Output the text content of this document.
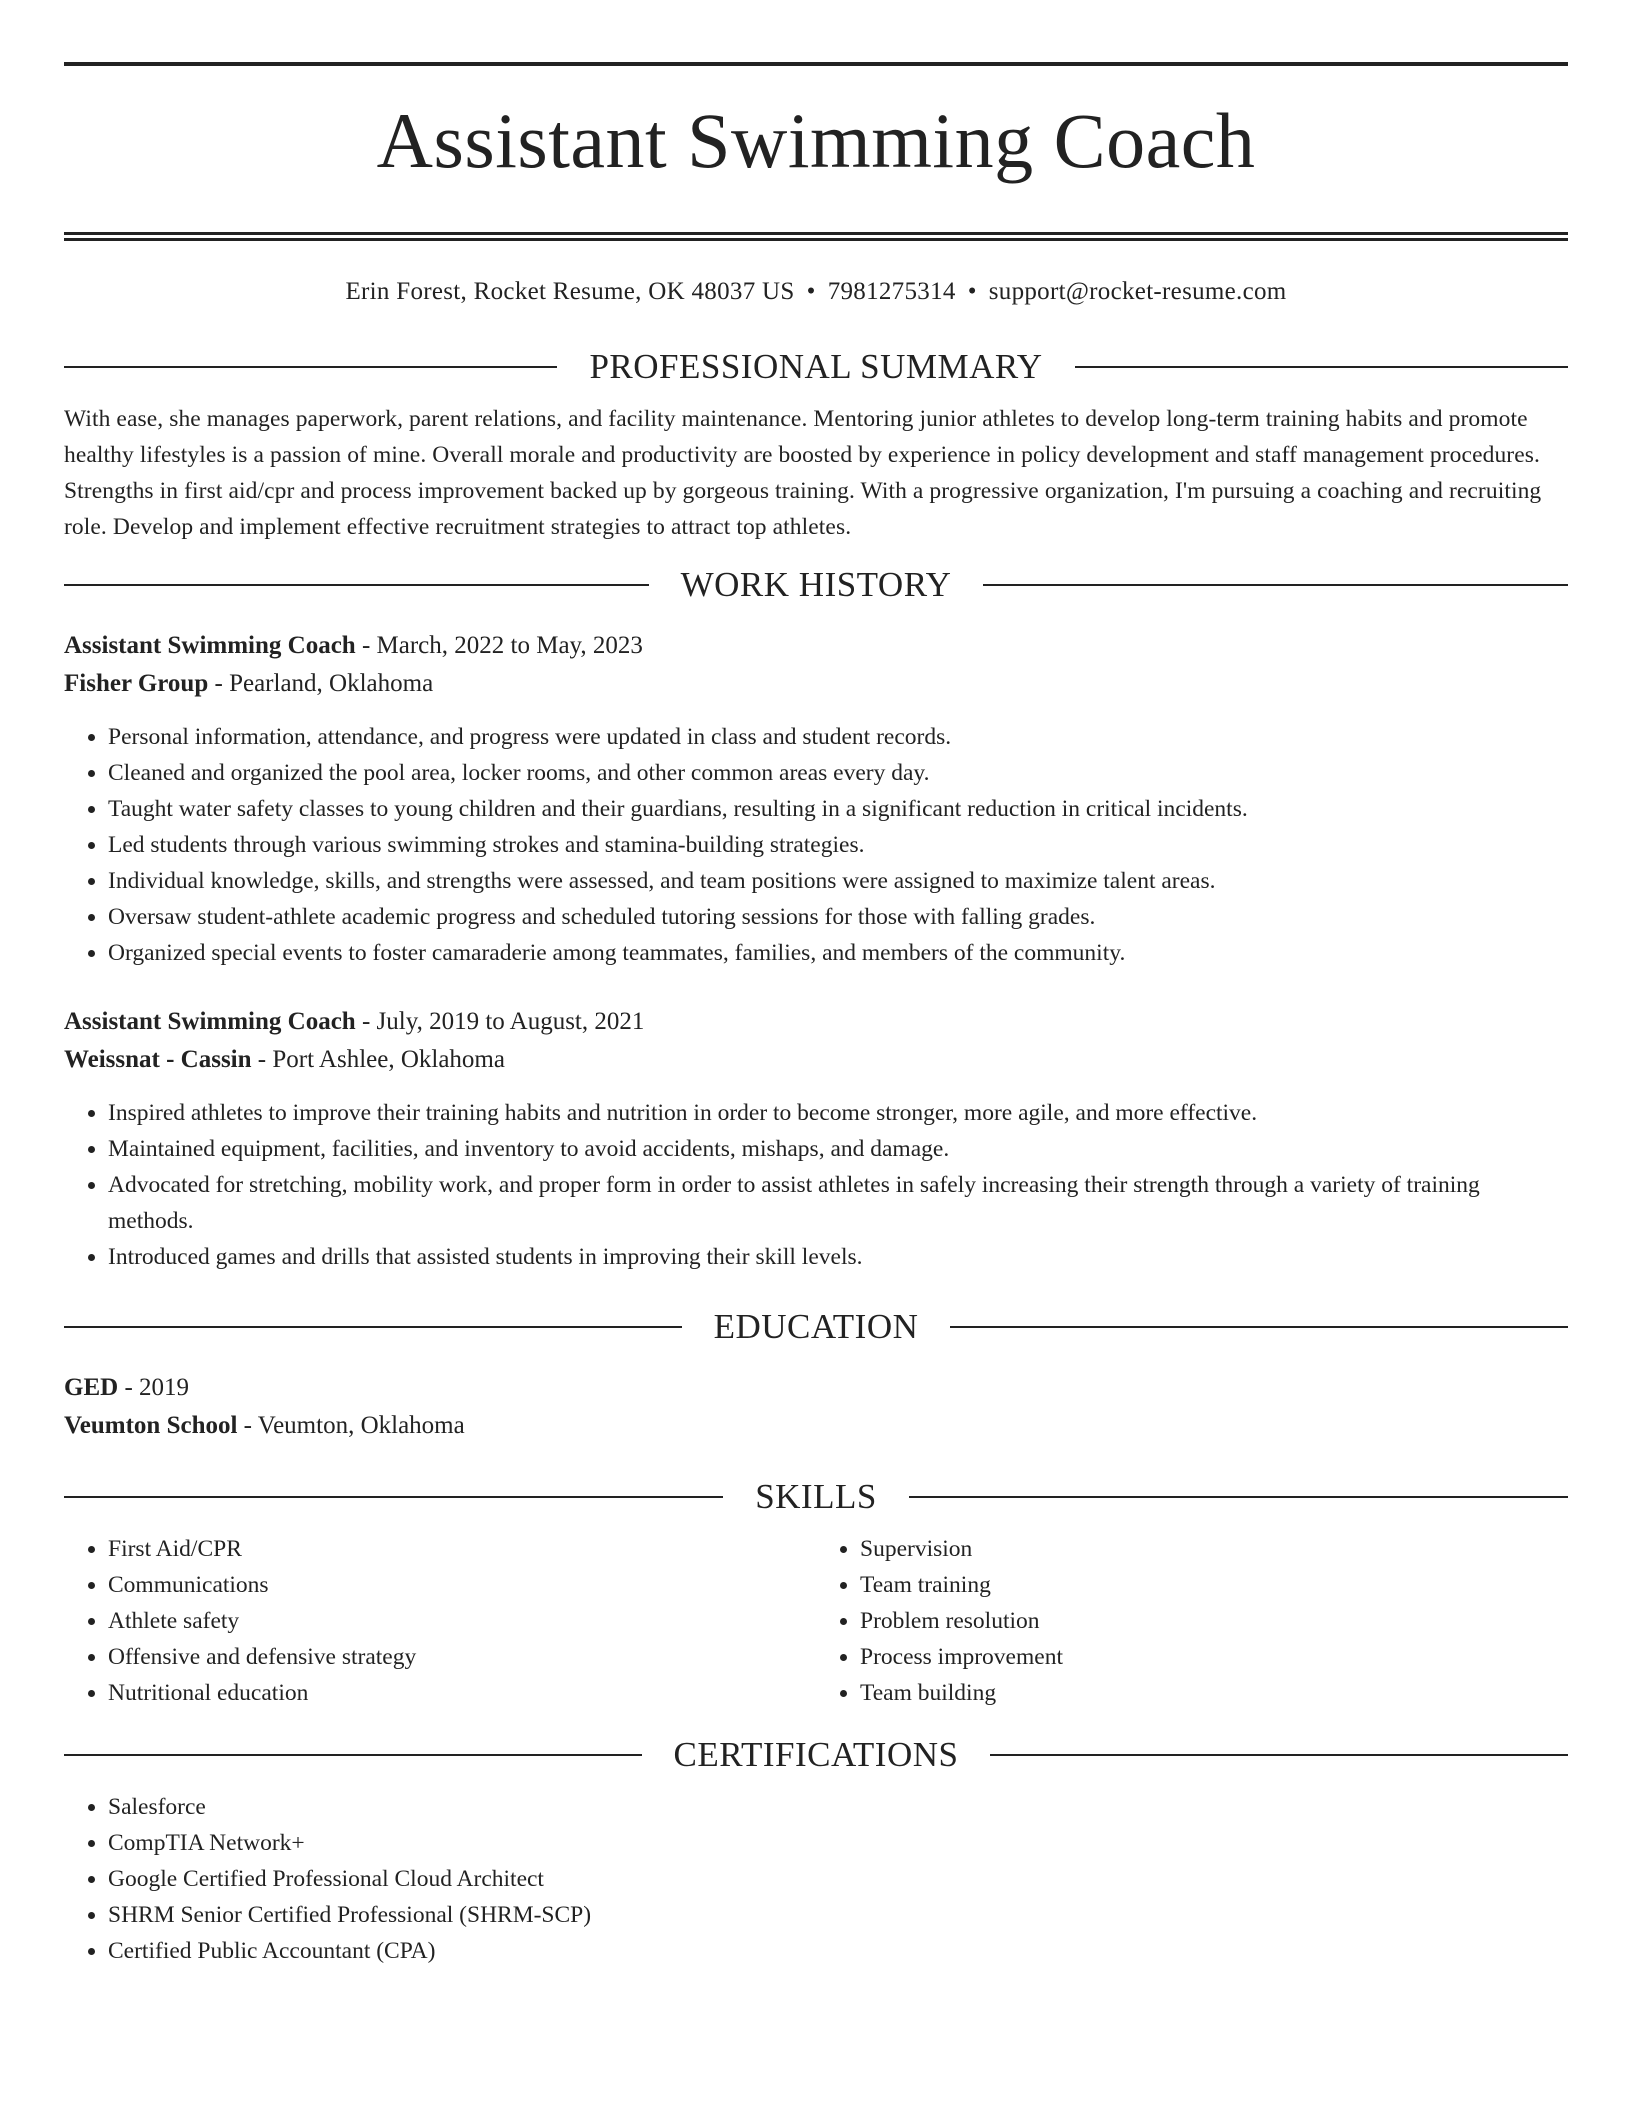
Assistant Swimming Coach
Erin Forest, Rocket Resume, OK 48037 US • 7981275314 • support@rocket-resume.com
PROFESSIONAL SUMMARY
With ease, she manages paperwork, parent relations, and facility maintenance. Mentoring junior athletes to develop long-term training habits and promote healthy lifestyles is a passion of mine. Overall morale and productivity are boosted by experience in policy development and staff management procedures. Strengths in first aid/cpr and process improvement backed up by gorgeous training. With a progressive organization, I'm pursuing a coaching and recruiting role. Develop and implement effective recruitment strategies to attract top athletes.
WORK HISTORY
Assistant Swimming Coach - March, 2022 to May, 2023
Fisher Group - Pearland, Oklahoma
• Personal information, attendance, and progress were updated in class and student records.
• Cleaned and organized the pool area, locker rooms, and other common areas every day.
• Taught water safety classes to young children and their guardians, resulting in a significant reduction in critical incidents.
• Led students through various swimming strokes and stamina-building strategies.
• Individual knowledge, skills, and strengths were assessed, and team positions were assigned to maximize talent areas.
• Oversaw student-athlete academic progress and scheduled tutoring sessions for those with falling grades.
• Organized special events to foster camaraderie among teammates, families, and members of the community.
Assistant Swimming Coach - July, 2019 to August, 2021
Weissnat - Cassin - Port Ashlee, Oklahoma
• Inspired athletes to improve their training habits and nutrition in order to become stronger, more agile, and more effective.
• Maintained equipment, facilities, and inventory to avoid accidents, mishaps, and damage.
• Advocated for stretching, mobility work, and proper form in order to assist athletes in safely increasing their strength through a variety of training methods.
• Introduced games and drills that assisted students in improving their skill levels.
EDUCATION
GED - 2019
Veumton School - Veumton, Oklahoma
SKILLS
• First Aid/CPR
• Communications
• Athlete safety
• Offensive and defensive strategy
• Nutritional education
• Supervision
• Team training
• Problem resolution
• Process improvement
• Team building
CERTIFICATIONS
• Salesforce
• CompTIA Network+
• Google Certified Professional Cloud Architect
• SHRM Senior Certified Professional (SHRM-SCP)
• Certified Public Accountant (CPA)
